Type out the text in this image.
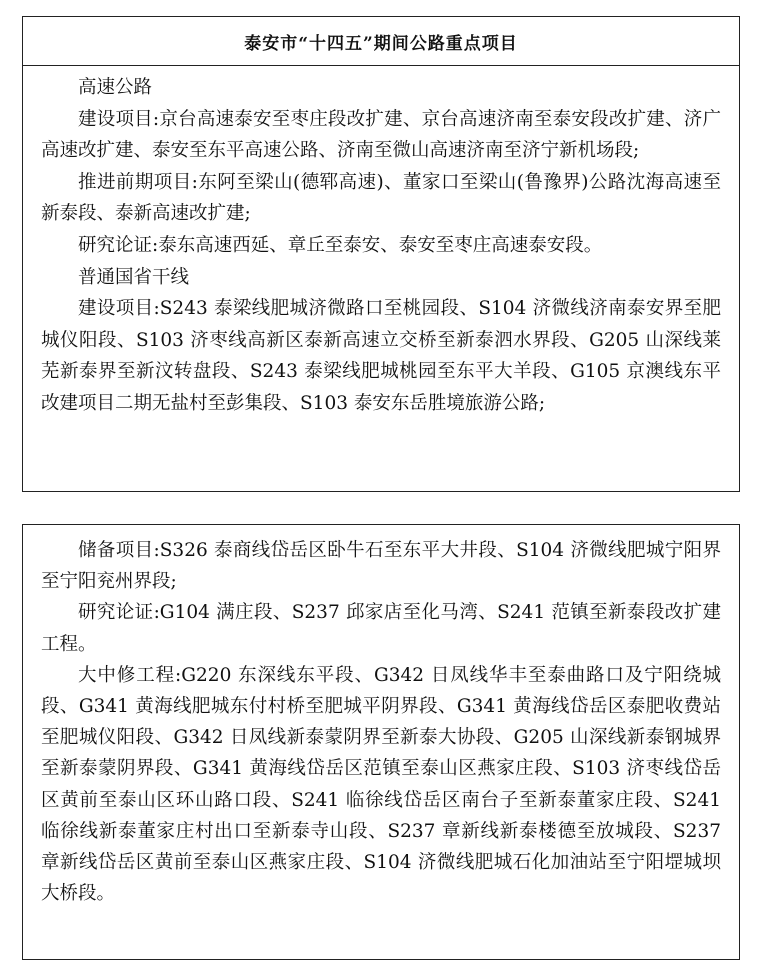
泰安市“十四五”期间公路重点项目

高速公路

建设项目:京台高速泰安至枣庄段改扩建、京台高速济南至泰安段改扩建、济广高速改扩建、泰安至东平高速公路、济南至微山高速济南至济宁新机场段;

推进前期项目:东阿至梁山(德郓高速)、董家口至梁山(鲁豫界)公路沈海高速至新泰段、泰新高速改扩建;

研究论证:泰东高速西延、章丘至泰安、泰安至枣庄高速泰安段。

普通国省干线

建设项目:S243 泰梁线肥城济微路口至桃园段、S104 济微线济南泰安界至肥城仪阳段、S103 济枣线高新区泰新高速立交桥至新泰泗水界段、G205 山深线莱芜新泰界至新汶转盘段、S243 泰梁线肥城桃园至东平大羊段、G105 京澳线东平改建项目二期无盐村至彭集段、S103 泰安东岳胜境旅游公路;

储备项目:S326 泰商线岱岳区卧牛石至东平大井段、S104 济微线肥城宁阳界至宁阳兖州界段;

研究论证:G104 满庄段、S237 邱家店至化马湾、S241 范镇至新泰段改扩建工程。

大中修工程:G220 东深线东平段、G342 日凤线华丰至泰曲路口及宁阳绕城段、G341 黄海线肥城东付村桥至肥城平阴界段、G341 黄海线岱岳区泰肥收费站至肥城仪阳段、G342 日凤线新泰蒙阴界至新泰大协段、G205 山深线新泰钢城界至新泰蒙阴界段、G341 黄海线岱岳区范镇至泰山区燕家庄段、S103 济枣线岱岳区黄前至泰山区环山路口段、S241 临徐线岱岳区南台子至新泰董家庄段、S241 临徐线新泰董家庄村出口至新泰寺山段、S237 章新线新泰楼德至放城段、S237 章新线岱岳区黄前至泰山区燕家庄段、S104 济微线肥城石化加油站至宁阳堽城坝大桥段。
